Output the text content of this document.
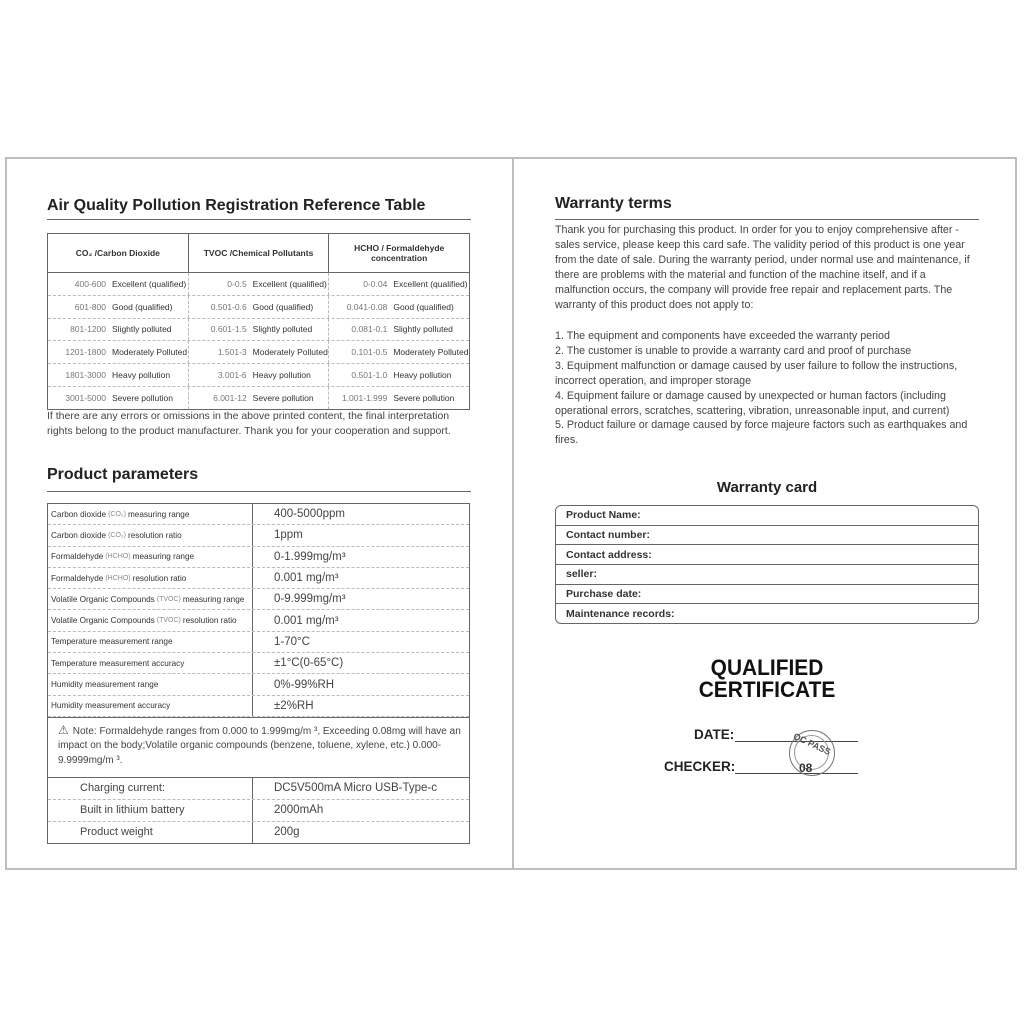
Air Quality Pollution Registration Reference Table
CO₂ /Carbon Dioxide	TVOC /Chemical Pollutants	HCHO / Formaldehyde concentration
400-600 Excellent (qualified)	0-0.5 Excellent (qualified)	0-0.04 Excellent (qualified)
601-800 Good (qualified)	0.501-0.6 Good (qualified)	0.041-0.08 Good (qualified)
801-1200 Slightly polluted	0.601-1.5 Slightly polluted	0.081-0.1 Slightly polluted
1201-1800 Moderately Polluted	1.501-3 Moderately Polluted	0.101-0.5 Moderately Polluted
1801-3000 Heavy pollution	3.001-6 Heavy pollution	0.501-1.0 Heavy pollution
3001-5000 Severe pollution	6.001-12 Severe pollution	1.001-1.999 Severe pollution
If there are any errors or omissions in the above printed content, the final interpretation rights belong to the product manufacturer. Thank you for your cooperation and support.
Product parameters
Carbon dioxide (CO₂) measuring range	400-5000ppm
Carbon dioxide (CO₂) resolution ratio	1ppm
Formaldehyde (HCHO) measuring range	0-1.999mg/m³
Formaldehyde (HCHO) resolution ratio	0.001 mg/m³
Volatile Organic Compounds (TVOC) measuring range	0-9.999mg/m³
Volatile Organic Compounds (TVOC) resolution ratio	0.001 mg/m³
Temperature measurement range	1-70°C
Temperature measurement accuracy	±1°C(0-65°C)
Humidity measurement range	0%-99%RH
Humidity measurement accuracy	±2%RH
⚠ Note: Formaldehyde ranges from 0.000 to 1.999mg/m ³, Exceeding 0.08mg will have an impact on the body;Volatile organic compounds (benzene, toluene, xylene, etc.) 0.000-9.9999mg/m ³.
Charging current:	DC5V500mA Micro USB-Type-c
Built in lithium battery	2000mAh
Product weight	200g
Warranty terms

Thank you for purchasing this product. In order for you to enjoy comprehensive after -sales service, please keep this card safe. The validity period of this product is one year from the date of sale. During the warranty period, under normal use and maintenance, if there are problems with the material and function of the machine itself, and if a malfunction occurs, the company will provide free repair and replacement parts. The warranty of this product does not apply to:

1. The equipment and components have exceeded the warranty period
2. The customer is unable to provide a warranty card and proof of purchase
3. Equipment malfunction or damage caused by user failure to follow the instructions, incorrect operation, and improper storage
4. Equipment failure or damage caused by unexpected or human factors (including operational errors, scratches, scattering, vibration, unreasonable input, and current)
5. Product failure or damage caused by force majeure factors such as earthquakes and fires.
Warranty card
Product Name:
Contact number:
Contact address:
seller:
Purchase date:
Maintenance records:
QUALIFIED
CERTIFICATE
DATE:
CHECKER:
QC PASS
08
